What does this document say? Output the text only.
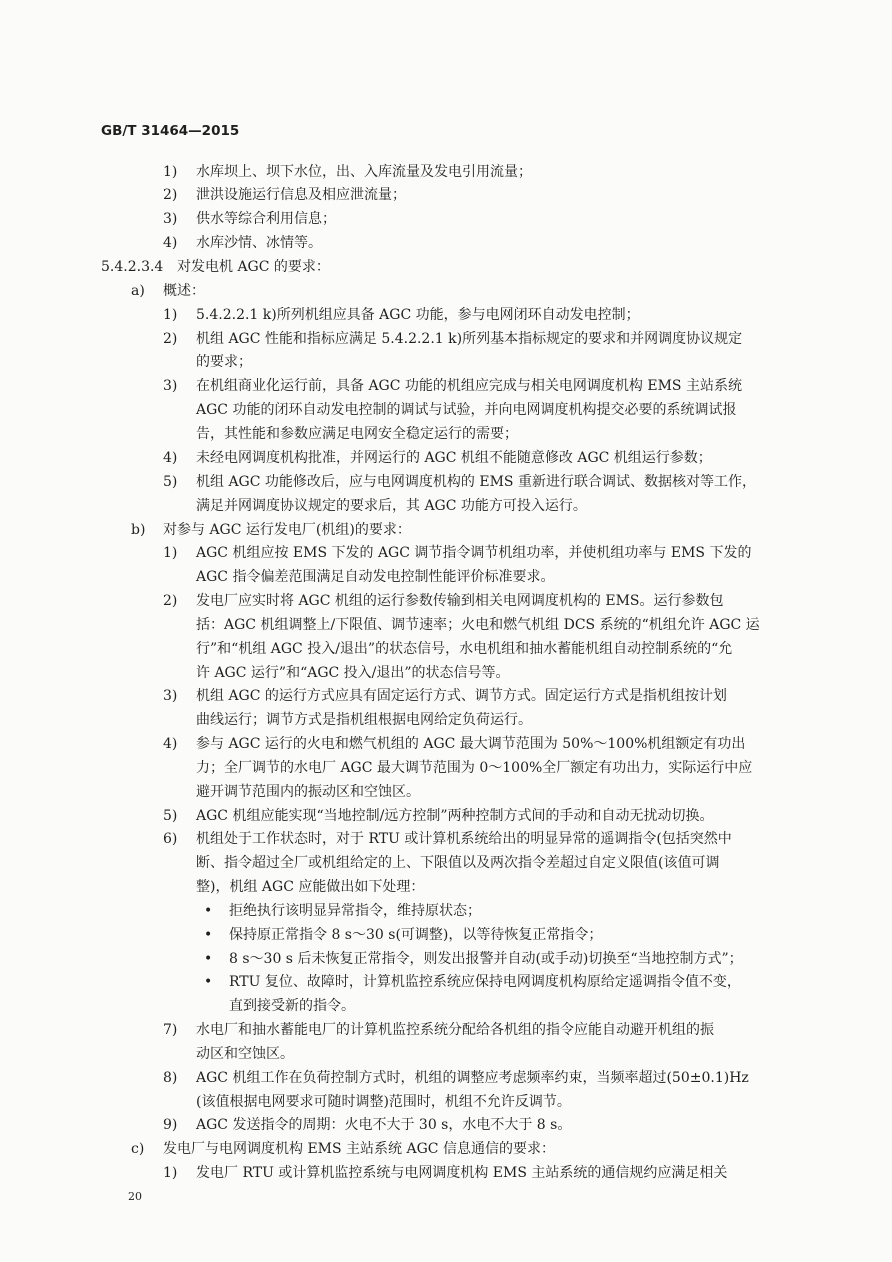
GB/T 31464—2015
1) 水库坝上、坝下水位，出、入库流量及发电引用流量；
2) 泄洪设施运行信息及相应泄流量；
3) 供水等综合利用信息；
4) 水库沙情、冰情等。
5.4.2.3.4 对发电机 AGC 的要求：
a) 概述：
1) 5.4.2.2.1 k)所列机组应具备 AGC 功能，参与电网闭环自动发电控制；
2) 机组 AGC 性能和指标应满足 5.4.2.2.1 k)所列基本指标规定的要求和并网调度协议规定
的要求；
3) 在机组商业化运行前，具备 AGC 功能的机组应完成与相关电网调度机构 EMS 主站系统
AGC 功能的闭环自动发电控制的调试与试验，并向电网调度机构提交必要的系统调试报
告，其性能和参数应满足电网安全稳定运行的需要；
4) 未经电网调度机构批准，并网运行的 AGC 机组不能随意修改 AGC 机组运行参数；
5) 机组 AGC 功能修改后，应与电网调度机构的 EMS 重新进行联合调试、数据核对等工作，
满足并网调度协议规定的要求后，其 AGC 功能方可投入运行。
b) 对参与 AGC 运行发电厂(机组)的要求：
1) AGC 机组应按 EMS 下发的 AGC 调节指令调节机组功率，并使机组功率与 EMS 下发的
AGC 指令偏差范围满足自动发电控制性能评价标准要求。
2) 发电厂应实时将 AGC 机组的运行参数传输到相关电网调度机构的 EMS。运行参数包
括：AGC 机组调整上/下限值、调节速率；火电和燃气机组 DCS 系统的“机组允许 AGC 运
行”和“机组 AGC 投入/退出”的状态信号，水电机组和抽水蓄能机组自动控制系统的“允
许 AGC 运行”和“AGC 投入/退出”的状态信号等。
3) 机组 AGC 的运行方式应具有固定运行方式、调节方式。固定运行方式是指机组按计划
曲线运行；调节方式是指机组根据电网给定负荷运行。
4) 参与 AGC 运行的火电和燃气机组的 AGC 最大调节范围为 50%～100%机组额定有功出
力；全厂调节的水电厂 AGC 最大调节范围为 0～100%全厂额定有功出力，实际运行中应
避开调节范围内的振动区和空蚀区。
5) AGC 机组应能实现“当地控制/远方控制”两种控制方式间的手动和自动无扰动切换。
6) 机组处于工作状态时，对于 RTU 或计算机系统给出的明显异常的遥调指令(包括突然中
断、指令超过全厂或机组给定的上、下限值以及两次指令差超过自定义限值(该值可调
整)，机组 AGC 应能做出如下处理：
• 拒绝执行该明显异常指令，维持原状态；
• 保持原正常指令 8 s～30 s(可调整)，以等待恢复正常指令；
• 8 s～30 s 后未恢复正常指令，则发出报警并自动(或手动)切换至“当地控制方式”；
• RTU 复位、故障时，计算机监控系统应保持电网调度机构原给定遥调指令值不变，
直到接受新的指令。
7) 水电厂和抽水蓄能电厂的计算机监控系统分配给各机组的指令应能自动避开机组的振
动区和空蚀区。
8) AGC 机组工作在负荷控制方式时，机组的调整应考虑频率约束，当频率超过(50±0.1)Hz
(该值根据电网要求可随时调整)范围时，机组不允许反调节。
9) AGC 发送指令的周期：火电不大于 30 s，水电不大于 8 s。
c) 发电厂与电网调度机构 EMS 主站系统 AGC 信息通信的要求：
1) 发电厂 RTU 或计算机监控系统与电网调度机构 EMS 主站系统的通信规约应满足相关
20
